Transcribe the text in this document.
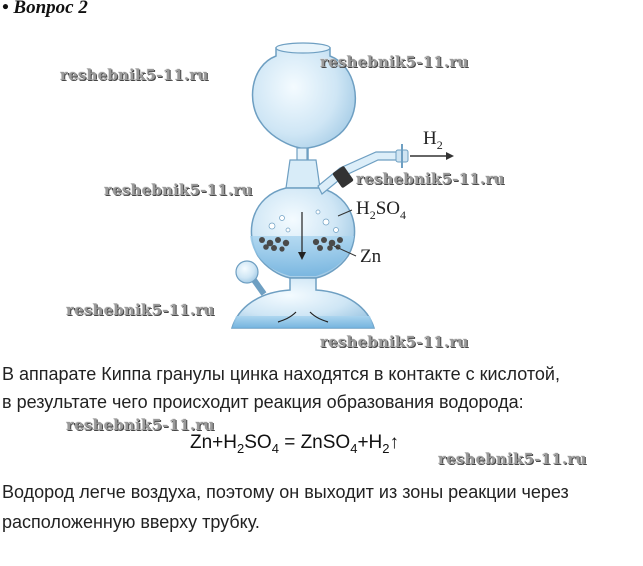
• Вопрос 2
$H_2$
$H_2SO_4$
Zn
reshebnik5-11.ru
reshebnik5-11.ru
reshebnik5-11.ru
reshebnik5-11.ru
reshebnik5-11.ru
reshebnik5-11.ru
reshebnik5-11.ru
reshebnik5-11.ru
В аппарате Киппа гранулы цинка находятся в контакте с кислотой,
в результате чего происходит реакция образования водорода:
$Zn+H_2SO_4$ = $ZnSO_4+H_2↑$
Водород легче воздуха, поэтому он выходит из зоны реакции через
расположенную вверху трубку.
